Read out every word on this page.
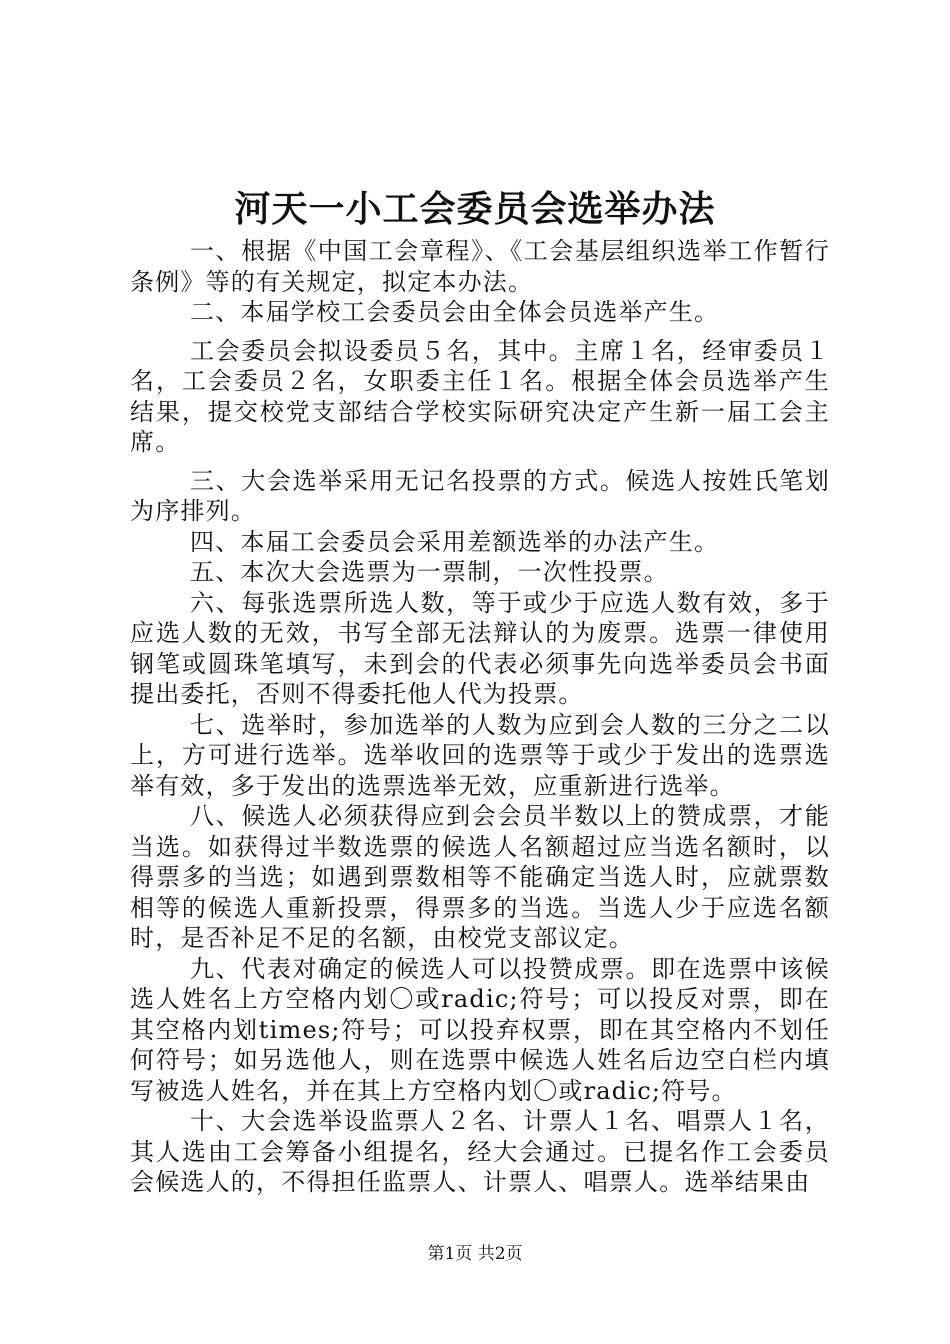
河天一小工会委员会选举办法

一、根据《中国工会章程》、《工会基层组织选举工作暂行条例》等的有关规定，拟定本办法。

二、本届学校工会委员会由全体会员选举产生。

工会委员会拟设委员５名，其中。主席１名，经审委员１名，工会委员２名，女职委主任１名。根据全体会员选举产生结果，提交校党支部结合学校实际研究决定产生新一届工会主席。

三、大会选举采用无记名投票的方式。候选人按姓氏笔划为序排列。

四、本届工会委员会采用差额选举的办法产生。

五、本次大会选票为一票制，一次性投票。

六、每张选票所选人数，等于或少于应选人数有效，多于应选人数的无效，书写全部无法辩认的为废票。选票一律使用钢笔或圆珠笔填写，未到会的代表必须事先向选举委员会书面提出委托，否则不得委托他人代为投票。

七、选举时，参加选举的人数为应到会人数的三分之二以上，方可进行选举。选举收回的选票等于或少于发出的选票选举有效，多于发出的选票选举无效，应重新进行选举。

八、候选人必须获得应到会会员半数以上的赞成票，才能当选。如获得过半数选票的候选人名额超过应当选名额时，以得票多的当选；如遇到票数相等不能确定当选人时，应就票数相等的候选人重新投票，得票多的当选。当选人少于应选名额时，是否补足不足的名额，由校党支部议定。

九、代表对确定的候选人可以投赞成票。即在选票中该候选人姓名上方空格内划〇或radic;符号；可以投反对票，即在其空格内划times;符号；可以投弃权票，即在其空格内不划任何符号；如另选他人，则在选票中候选人姓名后边空白栏内填写被选人姓名，并在其上方空格内划〇或radic;符号。

十、大会选举设监票人２名、计票人１名、唱票人１名，其人选由工会筹备小组提名，经大会通过。已提名作工会委员会候选人的，不得担任监票人、计票人、唱票人。选举结果由

第1页 共2页
